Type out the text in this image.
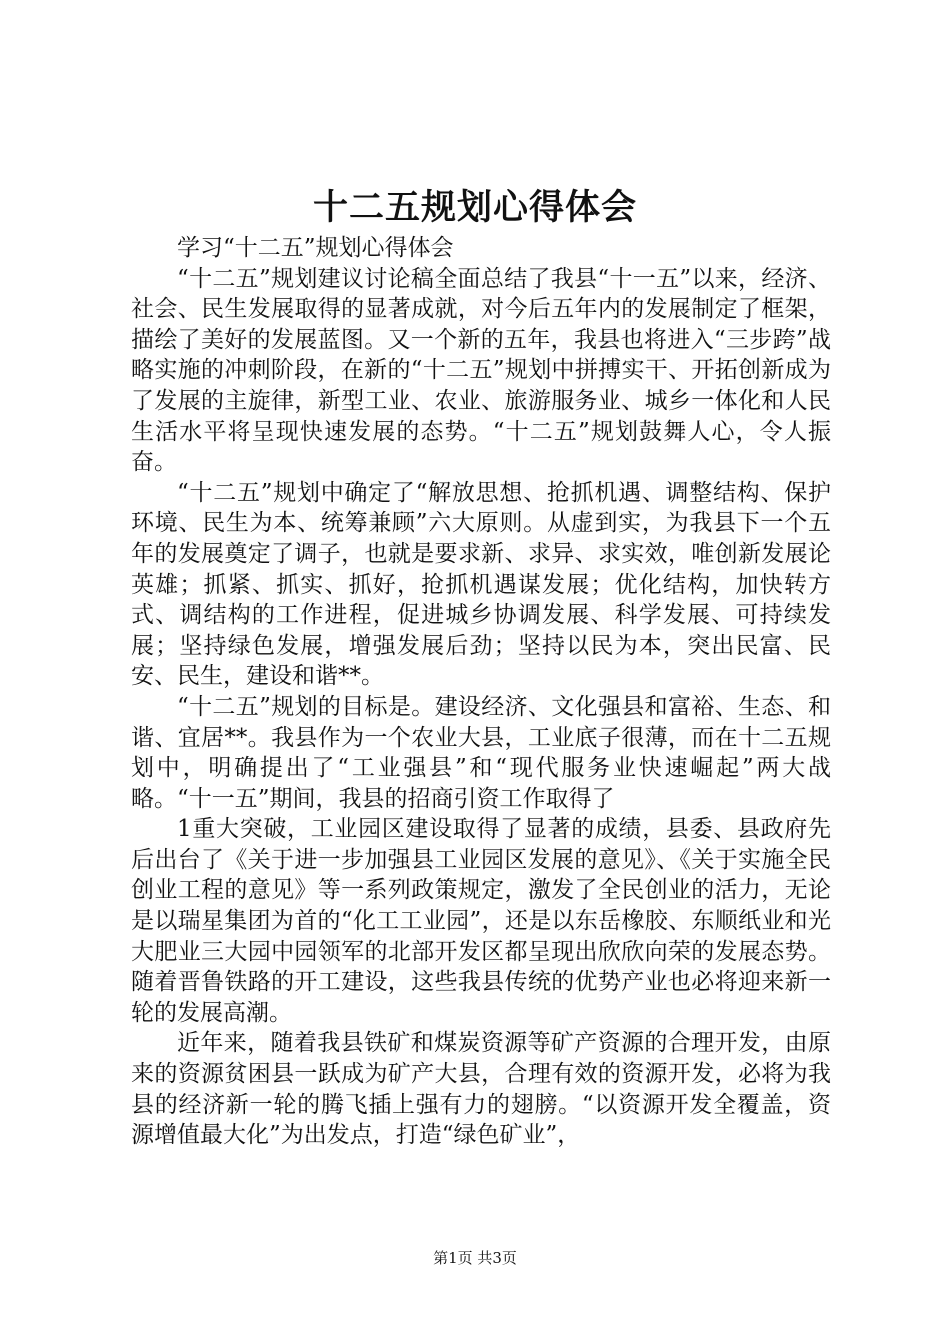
十二五规划心得体会

学习“十二五”规划心得体会

“十二五”规划建议讨论稿全面总结了我县“十一五”以来，经济、社会、民生发展取得的显著成就，对今后五年内的发展制定了框架，描绘了美好的发展蓝图。又一个新的五年，我县也将进入“三步跨”战略实施的冲刺阶段，在新的“十二五”规划中拼搏实干、开拓创新成为了发展的主旋律，新型工业、农业、旅游服务业、城乡一体化和人民生活水平将呈现快速发展的态势。“十二五”规划鼓舞人心，令人振奋。

“十二五”规划中确定了“解放思想、抢抓机遇、调整结构、保护环境、民生为本、统筹兼顾”六大原则。从虚到实，为我县下一个五年的发展奠定了调子，也就是要求新、求异、求实效，唯创新发展论英雄；抓紧、抓实、抓好，抢抓机遇谋发展；优化结构，加快转方式、调结构的工作进程，促进城乡协调发展、科学发展、可持续发展；坚持绿色发展，增强发展后劲；坚持以民为本，突出民富、民安、民生，建设和谐**。

“十二五”规划的目标是。建设经济、文化强县和富裕、生态、和谐、宜居**。我县作为一个农业大县，工业底子很薄，而在十二五规划中，明确提出了“工业强县”和“现代服务业快速崛起”两大战略。“十一五”期间，我县的招商引资工作取得了

1重大突破，工业园区建设取得了显著的成绩，县委、县政府先后出台了《关于进一步加强县工业园区发展的意见》、《关于实施全民创业工程的意见》等一系列政策规定，激发了全民创业的活力，无论是以瑞星集团为首的“化工工业园”，还是以东岳橡胶、东顺纸业和光大肥业三大园中园领军的北部开发区都呈现出欣欣向荣的发展态势。随着晋鲁铁路的开工建设，这些我县传统的优势产业也必将迎来新一轮的发展高潮。

近年来，随着我县铁矿和煤炭资源等矿产资源的合理开发，由原来的资源贫困县一跃成为矿产大县，合理有效的资源开发，必将为我县的经济新一轮的腾飞插上强有力的翅膀。“以资源开发全覆盖，资源增值最大化”为出发点，打造“绿色矿业”，

第1页 共3页
